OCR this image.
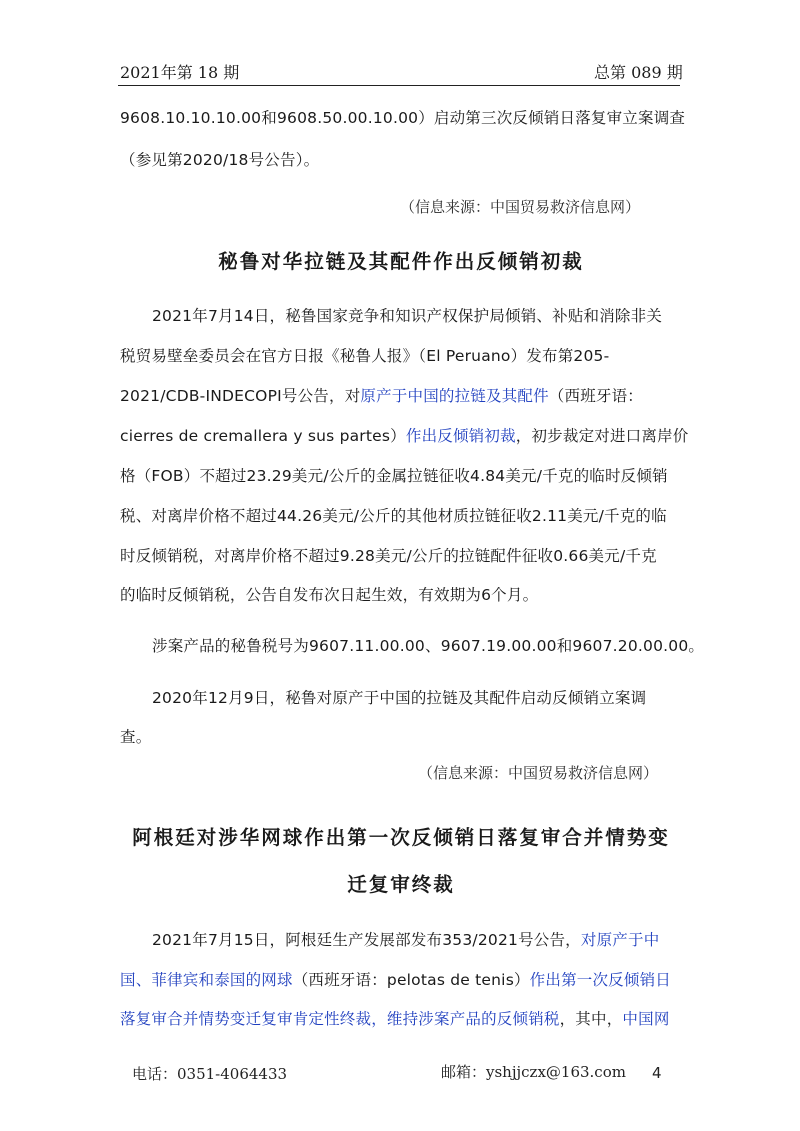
2021年第 18 期	总第 089 期
9608.10.10.10.00和9608.50.00.10.00）启动第三次反倾销日落复审立案调查
（参见第2020/18号公告）。
（信息来源：中国贸易救济信息网）
秘鲁对华拉链及其配件作出反倾销初裁
2021年7月14日，秘鲁国家竞争和知识产权保护局倾销、补贴和消除非关
税贸易壁垒委员会在官方日报《秘鲁人报》（El Peruano）发布第205-
2021/CDB-INDECOPI号公告，对原产于中国的拉链及其配件（西班牙语：
cierres de cremallera y sus partes）作出反倾销初裁，初步裁定对进口离岸价
格（FOB）不超过23.29美元/公斤的金属拉链征收4.84美元/千克的临时反倾销
税、对离岸价格不超过44.26美元/公斤的其他材质拉链征收2.11美元/千克的临
时反倾销税，对离岸价格不超过9.28美元/公斤的拉链配件征收0.66美元/千克
的临时反倾销税，公告自发布次日起生效，有效期为6个月。
涉案产品的秘鲁税号为9607.11.00.00、9607.19.00.00和9607.20.00.00。
2020年12月9日，秘鲁对原产于中国的拉链及其配件启动反倾销立案调
查。
（信息来源：中国贸易救济信息网）
阿根廷对涉华网球作出第一次反倾销日落复审合并情势变
迁复审终裁
2021年7月15日，阿根廷生产发展部发布353/2021号公告，对原产于中
国、菲律宾和泰国的网球（西班牙语：pelotas de tenis）作出第一次反倾销日
落复审合并情势变迁复审肯定性终裁，维持涉案产品的反倾销税，其中，中国网
电话：0351-4064433	邮箱：yshjjczx@163.com 4
